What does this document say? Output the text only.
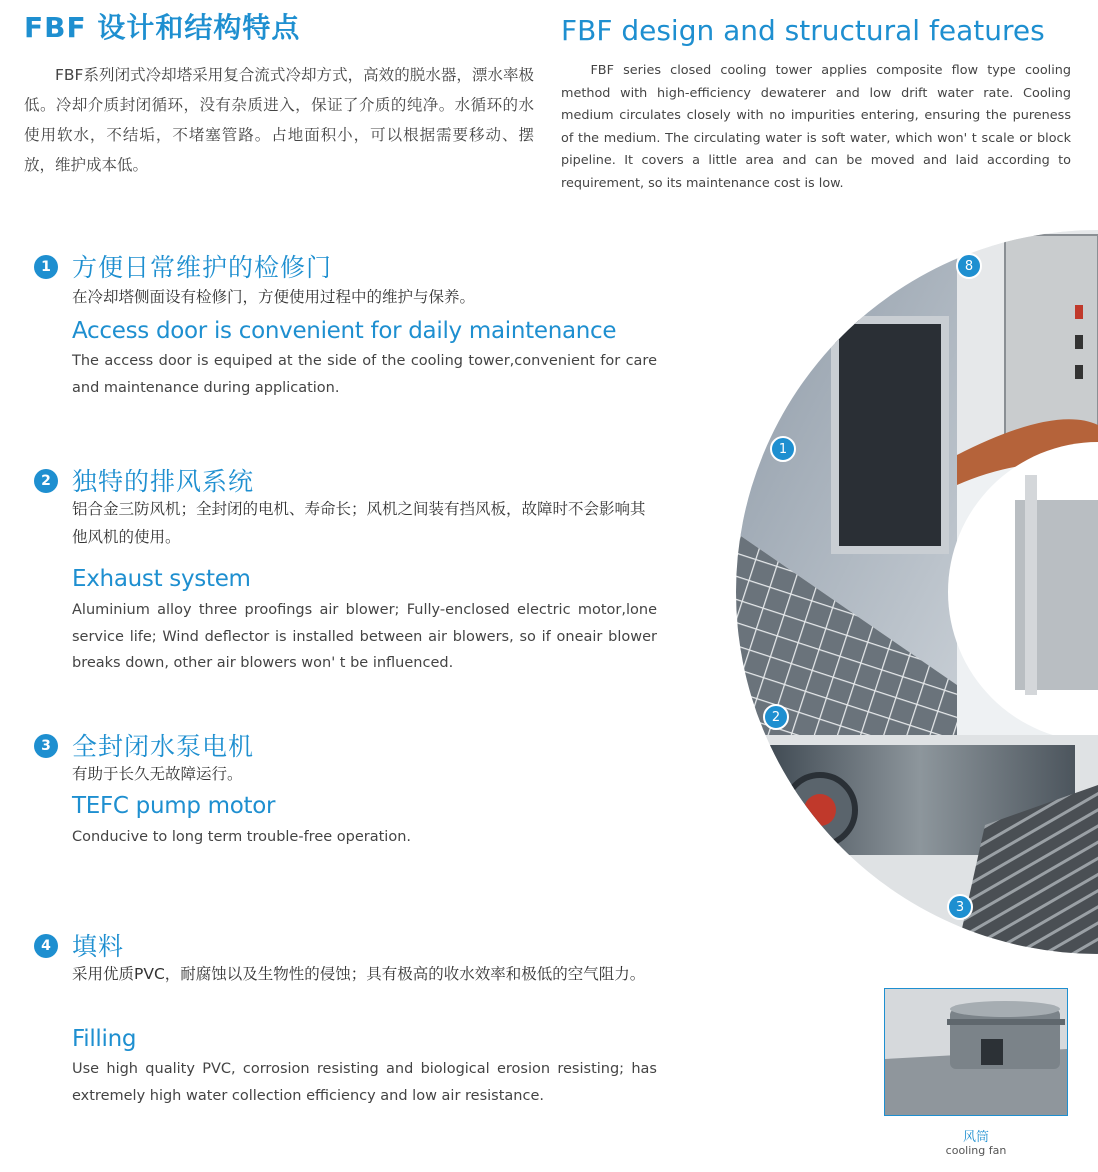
FBF 设计和结构特点	FBF design and structural features
FBF系列闭式冷却塔采用复合流式冷却方式，高效的脱水器，漂水率极低。冷却介质封闭循环，没有杂质进入，保证了介质的纯净。水循环的水使用软水，不结垢，不堵塞管路。占地面积小，可以根据需要移动、摆放，维护成本低。
FBF series closed cooling tower applies composite flow type cooling method with high-efficiency dewaterer and low drift water rate. Cooling medium circulates closely with no impurities entering, ensuring the pureness of the medium. The circulating water is soft water, which won' t scale or block pipeline. It covers a little area and can be moved and laid according to requirement, so its maintenance cost is low.
1 方便日常维护的检修门
在冷却塔侧面设有检修门，方便使用过程中的维护与保养。
Access door is convenient for daily maintenance
The access door is equiped at the side of the cooling tower,convenient for care and maintenance during application.
2 独特的排风系统
铝合金三防风机；全封闭的电机、寿命长；风机之间装有挡风板，故障时不会影响其他风机的使用。
Exhaust system
Aluminium alloy three proofings air blower; Fully-enclosed electric motor,lone service life; Wind deflector is installed between air blowers, so if oneair blower breaks down, other air blowers won' t be influenced.
3 全封闭水泵电机
有助于长久无故障运行。
TEFC pump motor
Conducive to long term trouble-free operation.
4 填料
采用优质PVC，耐腐蚀以及生物性的侵蚀；具有极高的收水效率和极低的空气阻力。
Filling
Use high quality PVC, corrosion resisting and biological erosion resisting; has extremely high water collection efficiency and low air resistance.
8
1
2
3
风筒
cooling fan
